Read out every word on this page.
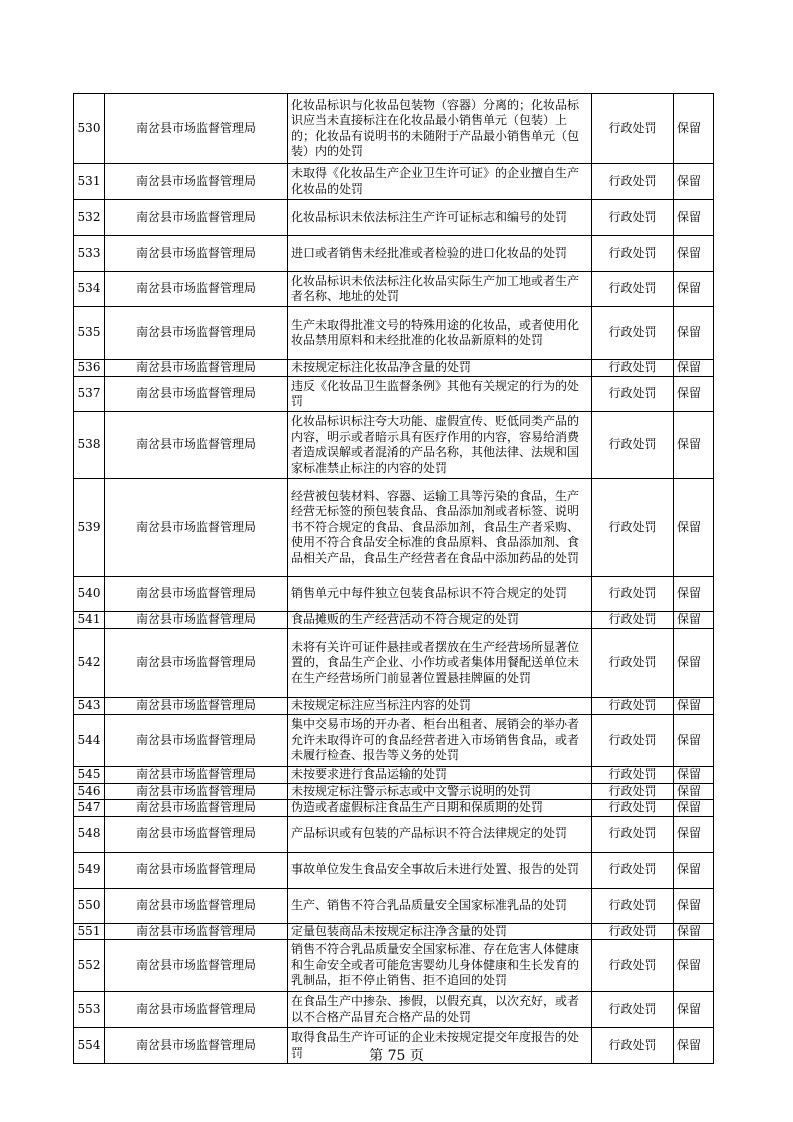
530	南岔县市场监督管理局	化妆品标识与化妆品包装物（容器）分离的；化妆品标识应当未直接标注在化妆品最小销售单元（包装）上的；化妆品有说明书的未随附于产品最小销售单元（包装）内的处罚	行政处罚	保留
531	南岔县市场监督管理局	未取得《化妆品生产企业卫生许可证》的企业擅自生产化妆品的处罚	行政处罚	保留
532	南岔县市场监督管理局	化妆品标识未依法标注生产许可证标志和编号的处罚	行政处罚	保留
533	南岔县市场监督管理局	进口或者销售未经批准或者检验的进口化妆品的处罚	行政处罚	保留
534	南岔县市场监督管理局	化妆品标识未依法标注化妆品实际生产加工地或者生产者名称、地址的处罚	行政处罚	保留
535	南岔县市场监督管理局	生产未取得批准文号的特殊用途的化妆品，或者使用化妆品禁用原料和未经批准的化妆品新原料的处罚	行政处罚	保留
536	南岔县市场监督管理局	未按规定标注化妆品净含量的处罚	行政处罚	保留
537	南岔县市场监督管理局	违反《化妆品卫生监督条例》其他有关规定的行为的处罚	行政处罚	保留
538	南岔县市场监督管理局	化妆品标识标注夸大功能、虚假宣传、贬低同类产品的内容，明示或者暗示具有医疗作用的内容，容易给消费者造成误解或者混淆的产品名称，其他法律、法规和国家标准禁止标注的内容的处罚	行政处罚	保留
539	南岔县市场监督管理局	经营被包装材料、容器、运输工具等污染的食品，生产经营无标签的预包装食品、食品添加剂或者标签、说明书不符合规定的食品、食品添加剂，食品生产者采购、使用不符合食品安全标准的食品原料、食品添加剂、食品相关产品，食品生产经营者在食品中添加药品的处罚	行政处罚	保留
540	南岔县市场监督管理局	销售单元中每件独立包装食品标识不符合规定的处罚	行政处罚	保留
541	南岔县市场监督管理局	食品摊贩的生产经营活动不符合规定的处罚	行政处罚	保留
542	南岔县市场监督管理局	未将有关许可证件悬挂或者摆放在生产经营场所显著位置的，食品生产企业、小作坊或者集体用餐配送单位未在生产经营场所门前显著位置悬挂牌匾的处罚	行政处罚	保留
543	南岔县市场监督管理局	未按规定标注应当标注内容的处罚	行政处罚	保留
544	南岔县市场监督管理局	集中交易市场的开办者、柜台出租者、展销会的举办者允许未取得许可的食品经营者进入市场销售食品，或者未履行检查、报告等义务的处罚	行政处罚	保留
545	南岔县市场监督管理局	未按要求进行食品运输的处罚	行政处罚	保留
546	南岔县市场监督管理局	未按规定标注警示标志或中文警示说明的处罚	行政处罚	保留
547	南岔县市场监督管理局	伪造或者虚假标注食品生产日期和保质期的处罚	行政处罚	保留
548	南岔县市场监督管理局	产品标识或有包装的产品标识不符合法律规定的处罚	行政处罚	保留
549	南岔县市场监督管理局	事故单位发生食品安全事故后未进行处置、报告的处罚	行政处罚	保留
550	南岔县市场监督管理局	生产、销售不符合乳品质量安全国家标准乳品的处罚	行政处罚	保留
551	南岔县市场监督管理局	定量包装商品未按规定标注净含量的处罚	行政处罚	保留
552	南岔县市场监督管理局	销售不符合乳品质量安全国家标准、存在危害人体健康和生命安全或者可能危害婴幼儿身体健康和生长发育的乳制品，拒不停止销售、拒不追回的处罚	行政处罚	保留
553	南岔县市场监督管理局	在食品生产中掺杂、掺假，以假充真，以次充好，或者以不合格产品冒充合格产品的处罚	行政处罚	保留
554	南岔县市场监督管理局	取得食品生产许可证的企业未按规定提交年度报告的处罚	行政处罚	保留
第 75 页
